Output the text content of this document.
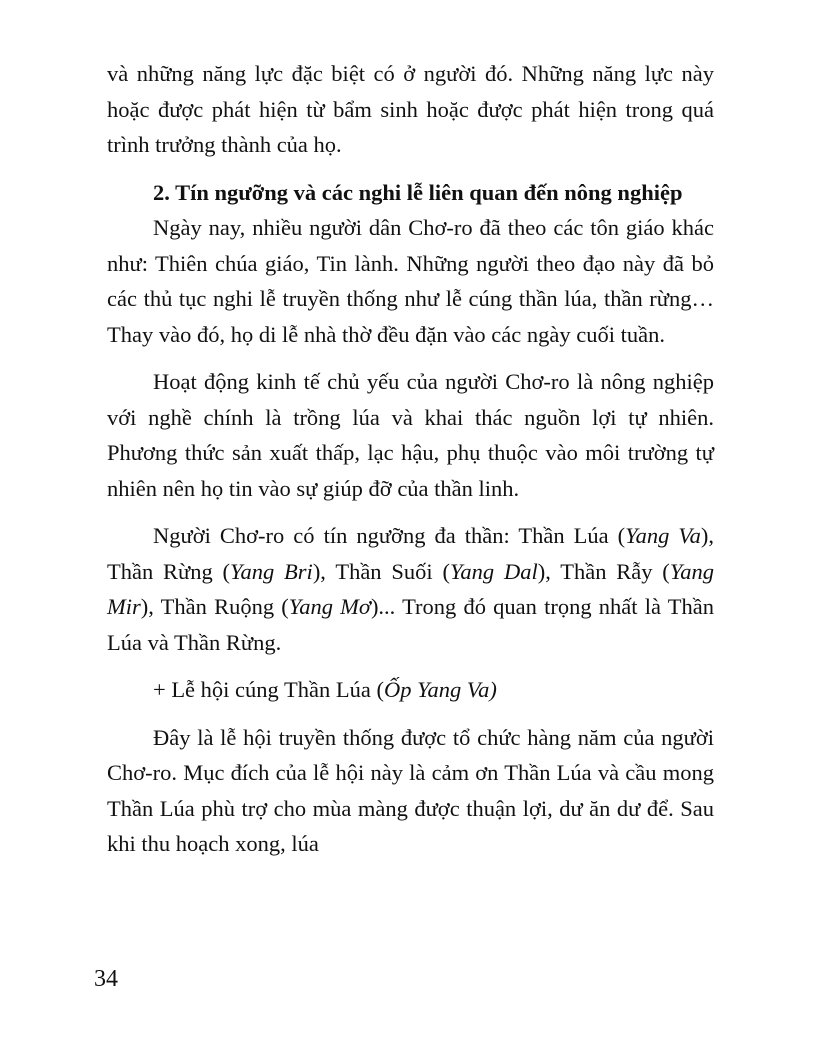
và những năng lực đặc biệt có ở người đó. Những năng lực này hoặc được phát hiện từ bẩm sinh hoặc được phát hiện trong quá trình trưởng thành của họ.

2. Tín ngưỡng và các nghi lễ liên quan đến nông nghiệp

Ngày nay, nhiều người dân Chơ-ro đã theo các tôn giáo khác như: Thiên chúa giáo, Tin lành. Những người theo đạo này đã bỏ các thủ tục nghi lễ truyền thống như lễ cúng thần lúa, thần rừng… Thay vào đó, họ di lễ nhà thờ đều đặn vào các ngày cuối tuần.

Hoạt động kinh tế chủ yếu của người Chơ-ro là nông nghiệp với nghề chính là trồng lúa và khai thác nguồn lợi tự nhiên. Phương thức sản xuất thấp, lạc hậu, phụ thuộc vào môi trường tự nhiên nên họ tin vào sự giúp đỡ của thần linh.

Người Chơ-ro có tín ngưỡng đa thần: Thần Lúa (Yang Va), Thần Rừng (Yang Bri), Thần Suối (Yang Dal), Thần Rẫy (Yang Mir), Thần Ruộng (Yang Mơ)... Trong đó quan trọng nhất là Thần Lúa và Thần Rừng.

+ Lễ hội cúng Thần Lúa (Ốp Yang Va)

Đây là lễ hội truyền thống được tổ chức hàng năm của người Chơ-ro. Mục đích của lễ hội này là cảm ơn Thần Lúa và cầu mong Thần Lúa phù trợ cho mùa màng được thuận lợi, dư ăn dư để. Sau khi thu hoạch xong, lúa

34
